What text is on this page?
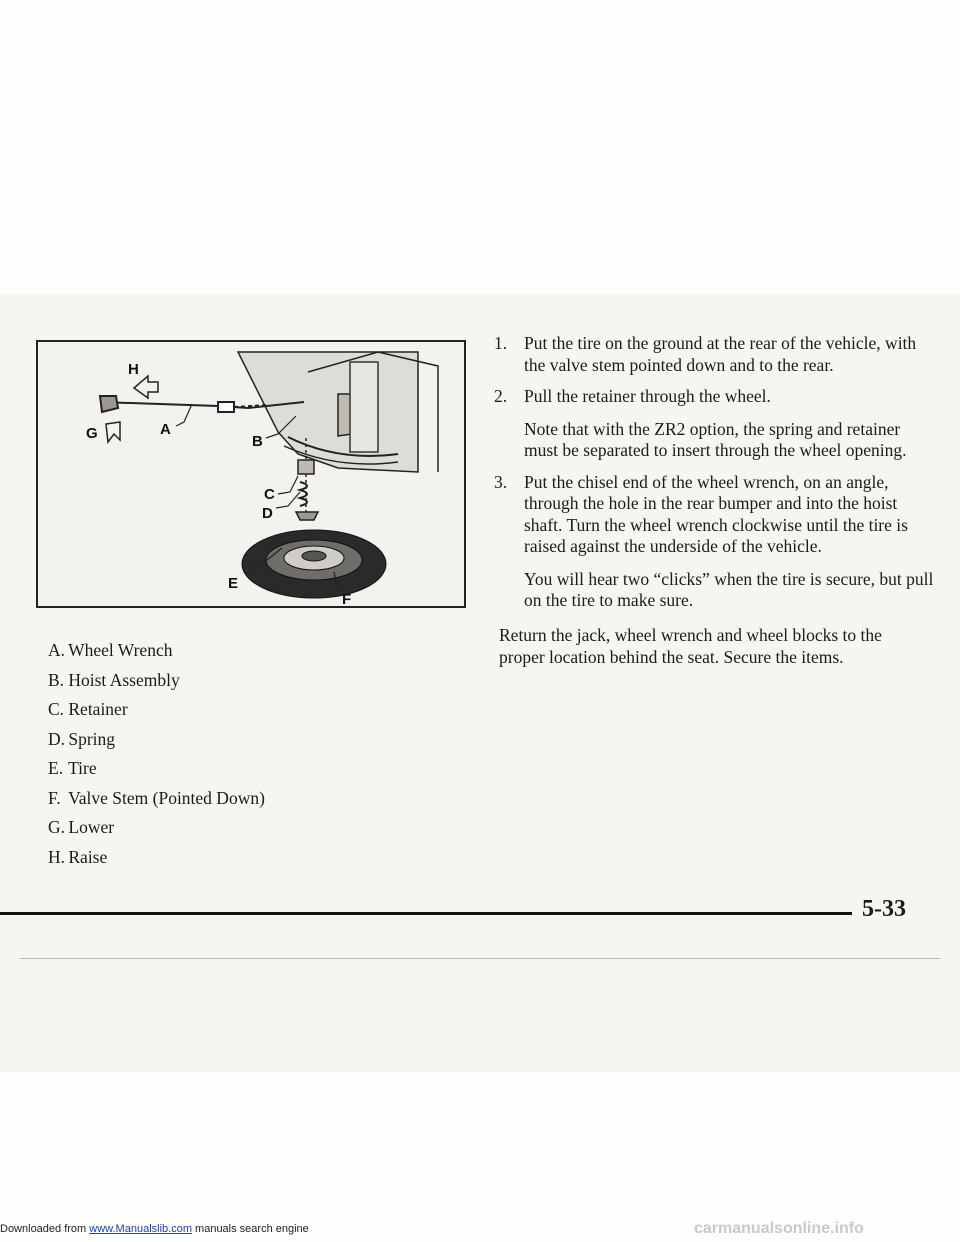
H
G	A
B
C
D
E
F
A. Wheel Wrench
B. Hoist Assembly
C. Retainer
D. Spring
E. Tire
F. Valve Stem (Pointed Down)
G. Lower
H. Raise
1. Put the tire on the ground at the rear of the vehicle, with the valve stem pointed down and to the rear.

2. Pull the retainer through the wheel.

Note that with the ZR2 option, the spring and retainer must be separated to insert through the wheel opening.

3. Put the chisel end of the wheel wrench, on an angle, through the hole in the rear bumper and into the hoist shaft. Turn the wheel wrench clockwise until the tire is raised against the underside of the vehicle.

You will hear two “clicks” when the tire is secure, but pull on the tire to make sure.

Return the jack, wheel wrench and wheel blocks to the proper location behind the seat. Secure the items.

5-33
Downloaded from www.Manualslib.com manuals search engine	carmanualsonline.info
